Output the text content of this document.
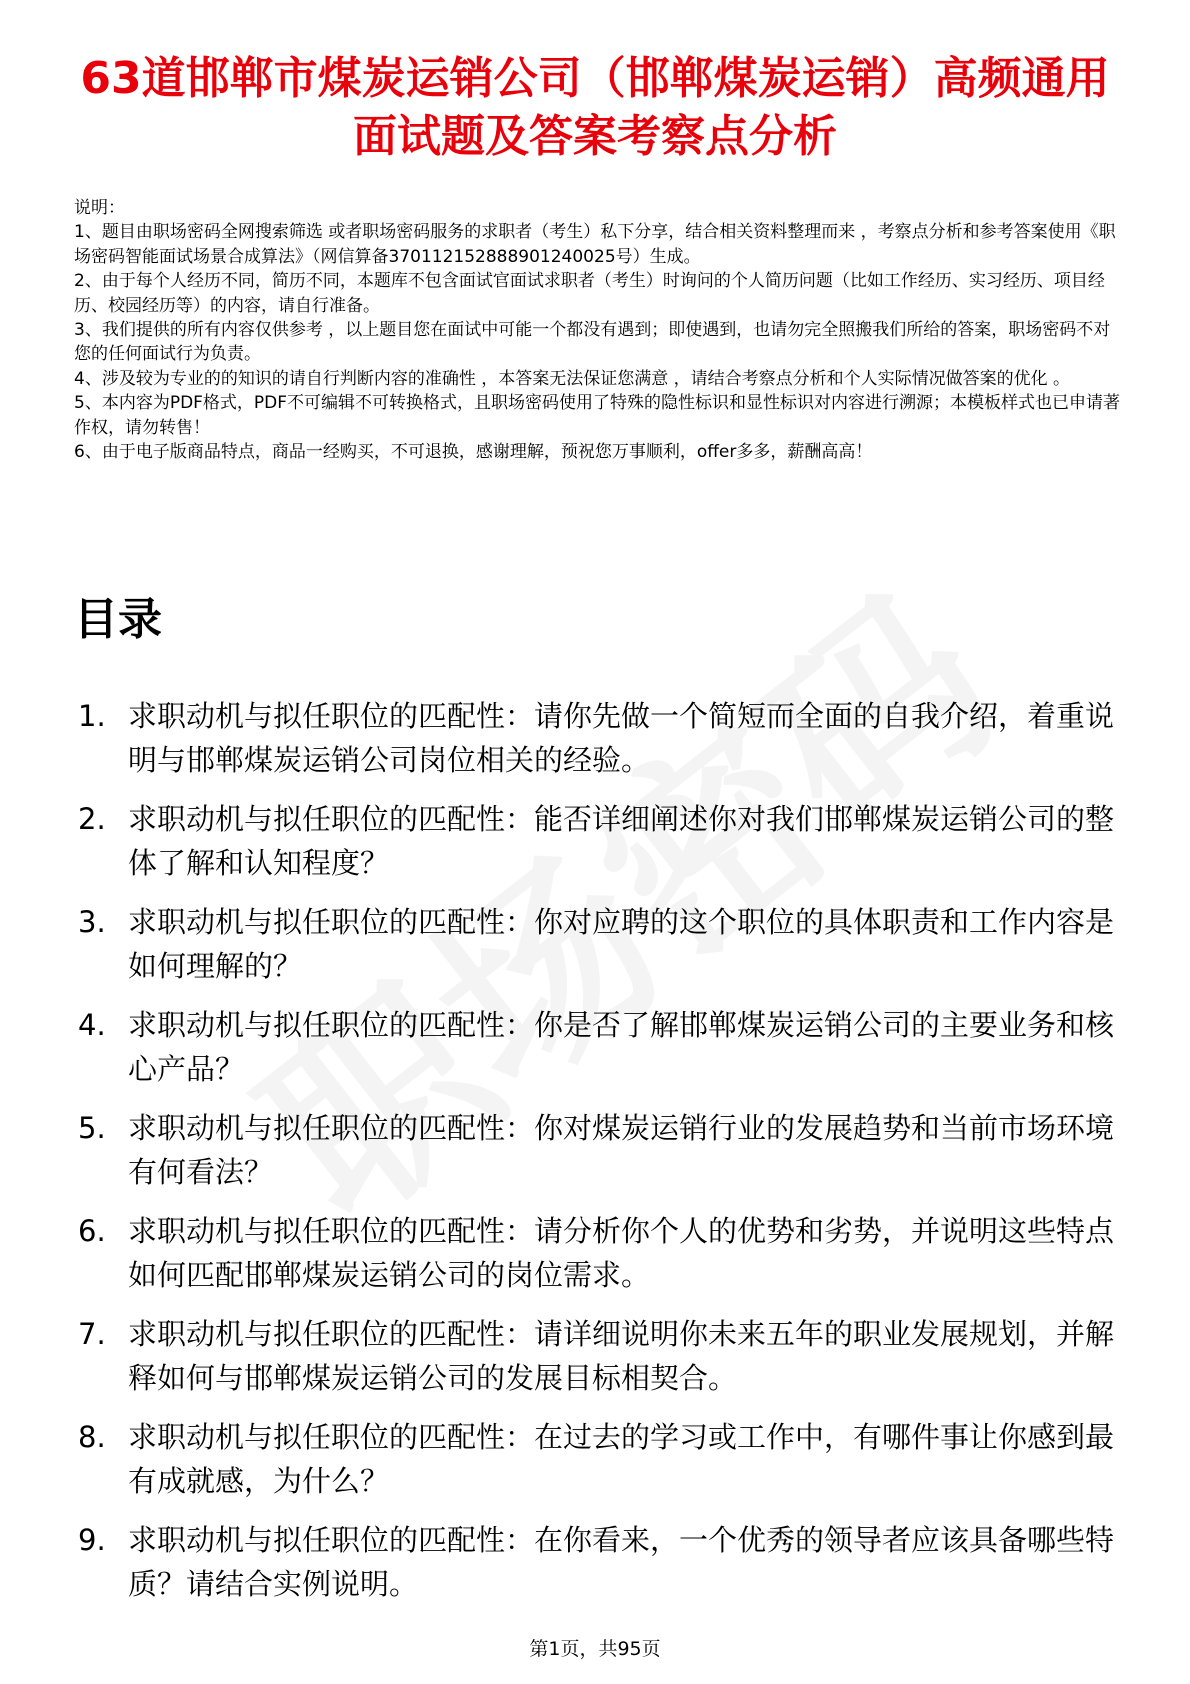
63道邯郸市煤炭运销公司（邯郸煤炭运销）高频通用面试题及答案考察点分析

说明：

1、题目由职场密码全网搜索筛选 或者职场密码服务的求职者（考生）私下分享，结合相关资料整理而来 ，考察点分析和参考答案使用《职场密码智能面试场景合成算法》（网信算备370112152888901240025号）生成。

2、由于每个人经历不同，简历不同，本题库不包含面试官面试求职者（考生）时询问的个人简历问题（比如工作经历、实习经历、项目经历、校园经历等）的内容，请自行准备。

3、我们提供的所有内容仅供参考 ，以上题目您在面试中可能一个都没有遇到；即使遇到，也请勿完全照搬我们所给的答案，职场密码不对您的任何面试行为负责。

4、涉及较为专业的的知识的请自行判断内容的准确性 ，本答案无法保证您满意 ，请结合考察点分析和个人实际情况做答案的优化 。

5、本内容为PDF格式，PDF不可编辑不可转换格式，且职场密码使用了特殊的隐性标识和显性标识对内容进行溯源；本模板样式也已申请著作权，请勿转售！

6、由于电子版商品特点，商品一经购买，不可退换，感谢理解，预祝您万事顺利，offer多多，薪酬高高！

目录
1. 求职动机与拟任职位的匹配性：请你先做一个简短而全面的自我介绍，着重说明与邯郸煤炭运销公司岗位相关的经验。
2. 求职动机与拟任职位的匹配性：能否详细阐述你对我们邯郸煤炭运销公司的整体了解和认知程度？
3. 求职动机与拟任职位的匹配性：你对应聘的这个职位的具体职责和工作内容是如何理解的？
4. 求职动机与拟任职位的匹配性：你是否了解邯郸煤炭运销公司的主要业务和核心产品？
5. 求职动机与拟任职位的匹配性：你对煤炭运销行业的发展趋势和当前市场环境有何看法？
6. 求职动机与拟任职位的匹配性：请分析你个人的优势和劣势，并说明这些特点如何匹配邯郸煤炭运销公司的岗位需求。
7. 求职动机与拟任职位的匹配性：请详细说明你未来五年的职业发展规划，并解释如何与邯郸煤炭运销公司的发展目标相契合。
8. 求职动机与拟任职位的匹配性：在过去的学习或工作中，有哪件事让你感到最有成就感，为什么？
9. 求职动机与拟任职位的匹配性：在你看来，一个优秀的领导者应该具备哪些特质？请结合实例说明。
第1页，共95页
